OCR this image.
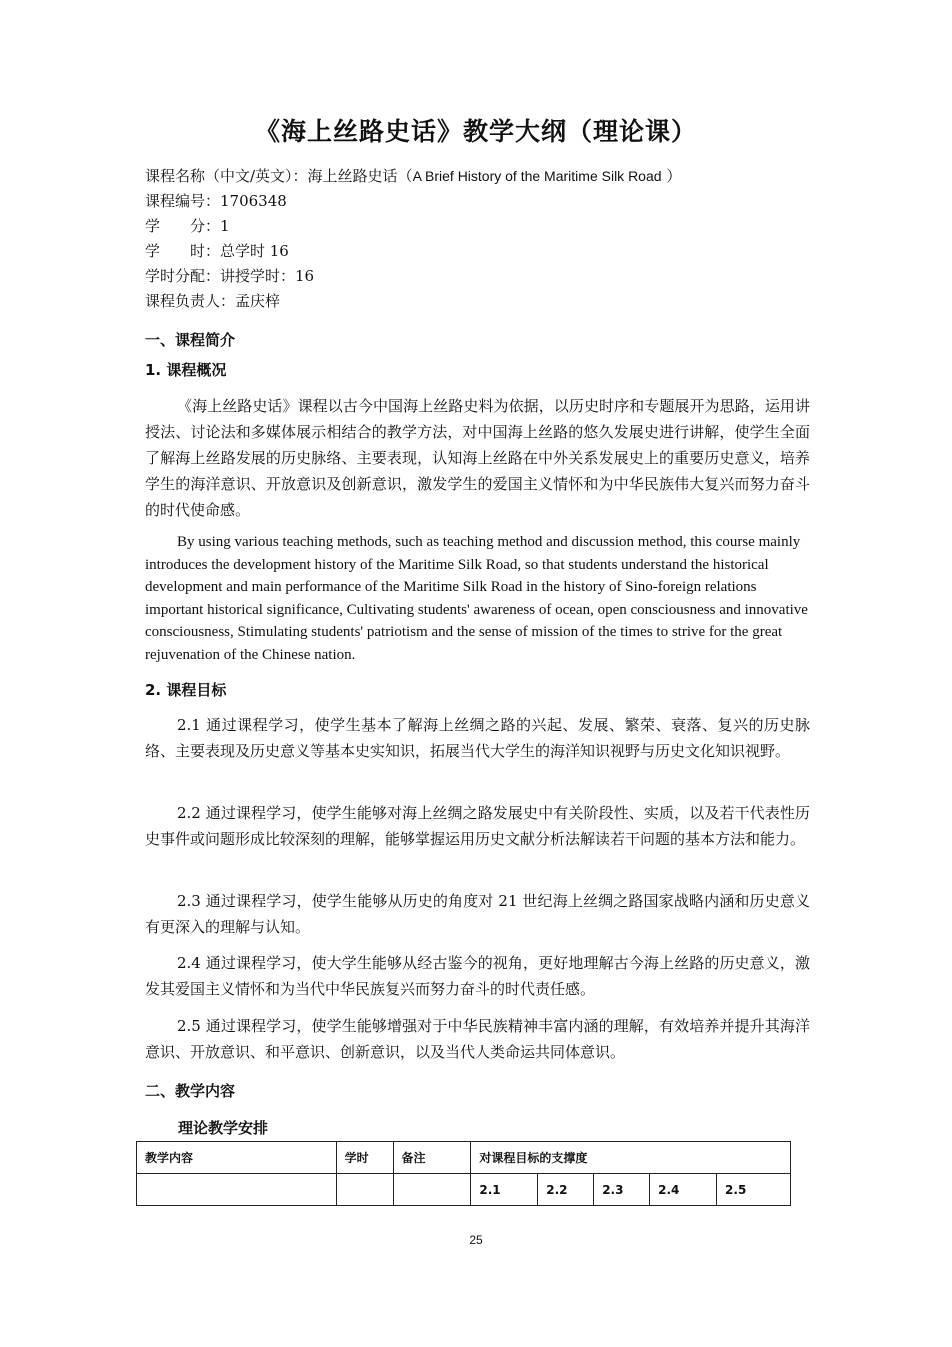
《海上丝路史话》教学大纲（理论课）
课程名称（中文/英文）：海上丝路史话（A Brief History of the Maritime Silk Road ）
课程编号：1706348
学　　分：1
学　　时：总学时 16
学时分配：讲授学时：16
课程负责人：孟庆梓
一、课程简介
1. 课程概况
《海上丝路史话》课程以古今中国海上丝路史料为依据，以历史时序和专题展开为思路，运用讲授法、讨论法和多媒体展示相结合的教学方法，对中国海上丝路的悠久发展史进行讲解，使学生全面了解海上丝路发展的历史脉络、主要表现，认知海上丝路在中外关系发展史上的重要历史意义，培养学生的海洋意识、开放意识及创新意识，激发学生的爱国主义情怀和为中华民族伟大复兴而努力奋斗的时代使命感。
By using various teaching methods, such as teaching method and discussion method, this course mainly introduces the development history of the Maritime Silk Road, so that students understand the historical development and main performance of the Maritime Silk Road in the history of Sino-foreign relations important historical significance, Cultivating students' awareness of ocean, open consciousness and innovative consciousness, Stimulating students' patriotism and the sense of mission of the times to strive for the great rejuvenation of the Chinese nation.
2. 课程目标
2.1 通过课程学习，使学生基本了解海上丝绸之路的兴起、发展、繁荣、衰落、复兴的历史脉络、主要表现及历史意义等基本史实知识，拓展当代大学生的海洋知识视野与历史文化知识视野。
2.2 通过课程学习，使学生能够对海上丝绸之路发展史中有关阶段性、实质，以及若干代表性历史事件或问题形成比较深刻的理解，能够掌握运用历史文献分析法解读若干问题的基本方法和能力。
2.3 通过课程学习，使学生能够从历史的角度对 21 世纪海上丝绸之路国家战略内涵和历史意义有更深入的理解与认知。
2.4 通过课程学习，使大学生能够从经古鉴今的视角，更好地理解古今海上丝路的历史意义，激发其爱国主义情怀和为当代中华民族复兴而努力奋斗的时代责任感。
2.5 通过课程学习，使学生能够增强对于中华民族精神丰富内涵的理解，有效培养并提升其海洋意识、开放意识、和平意识、创新意识，以及当代人类命运共同体意识。
二、教学内容
理论教学安排
教学内容	学时	备注	对课程目标的支撑度				
			2.1	2.2	2.3	2.4	2.5
25
